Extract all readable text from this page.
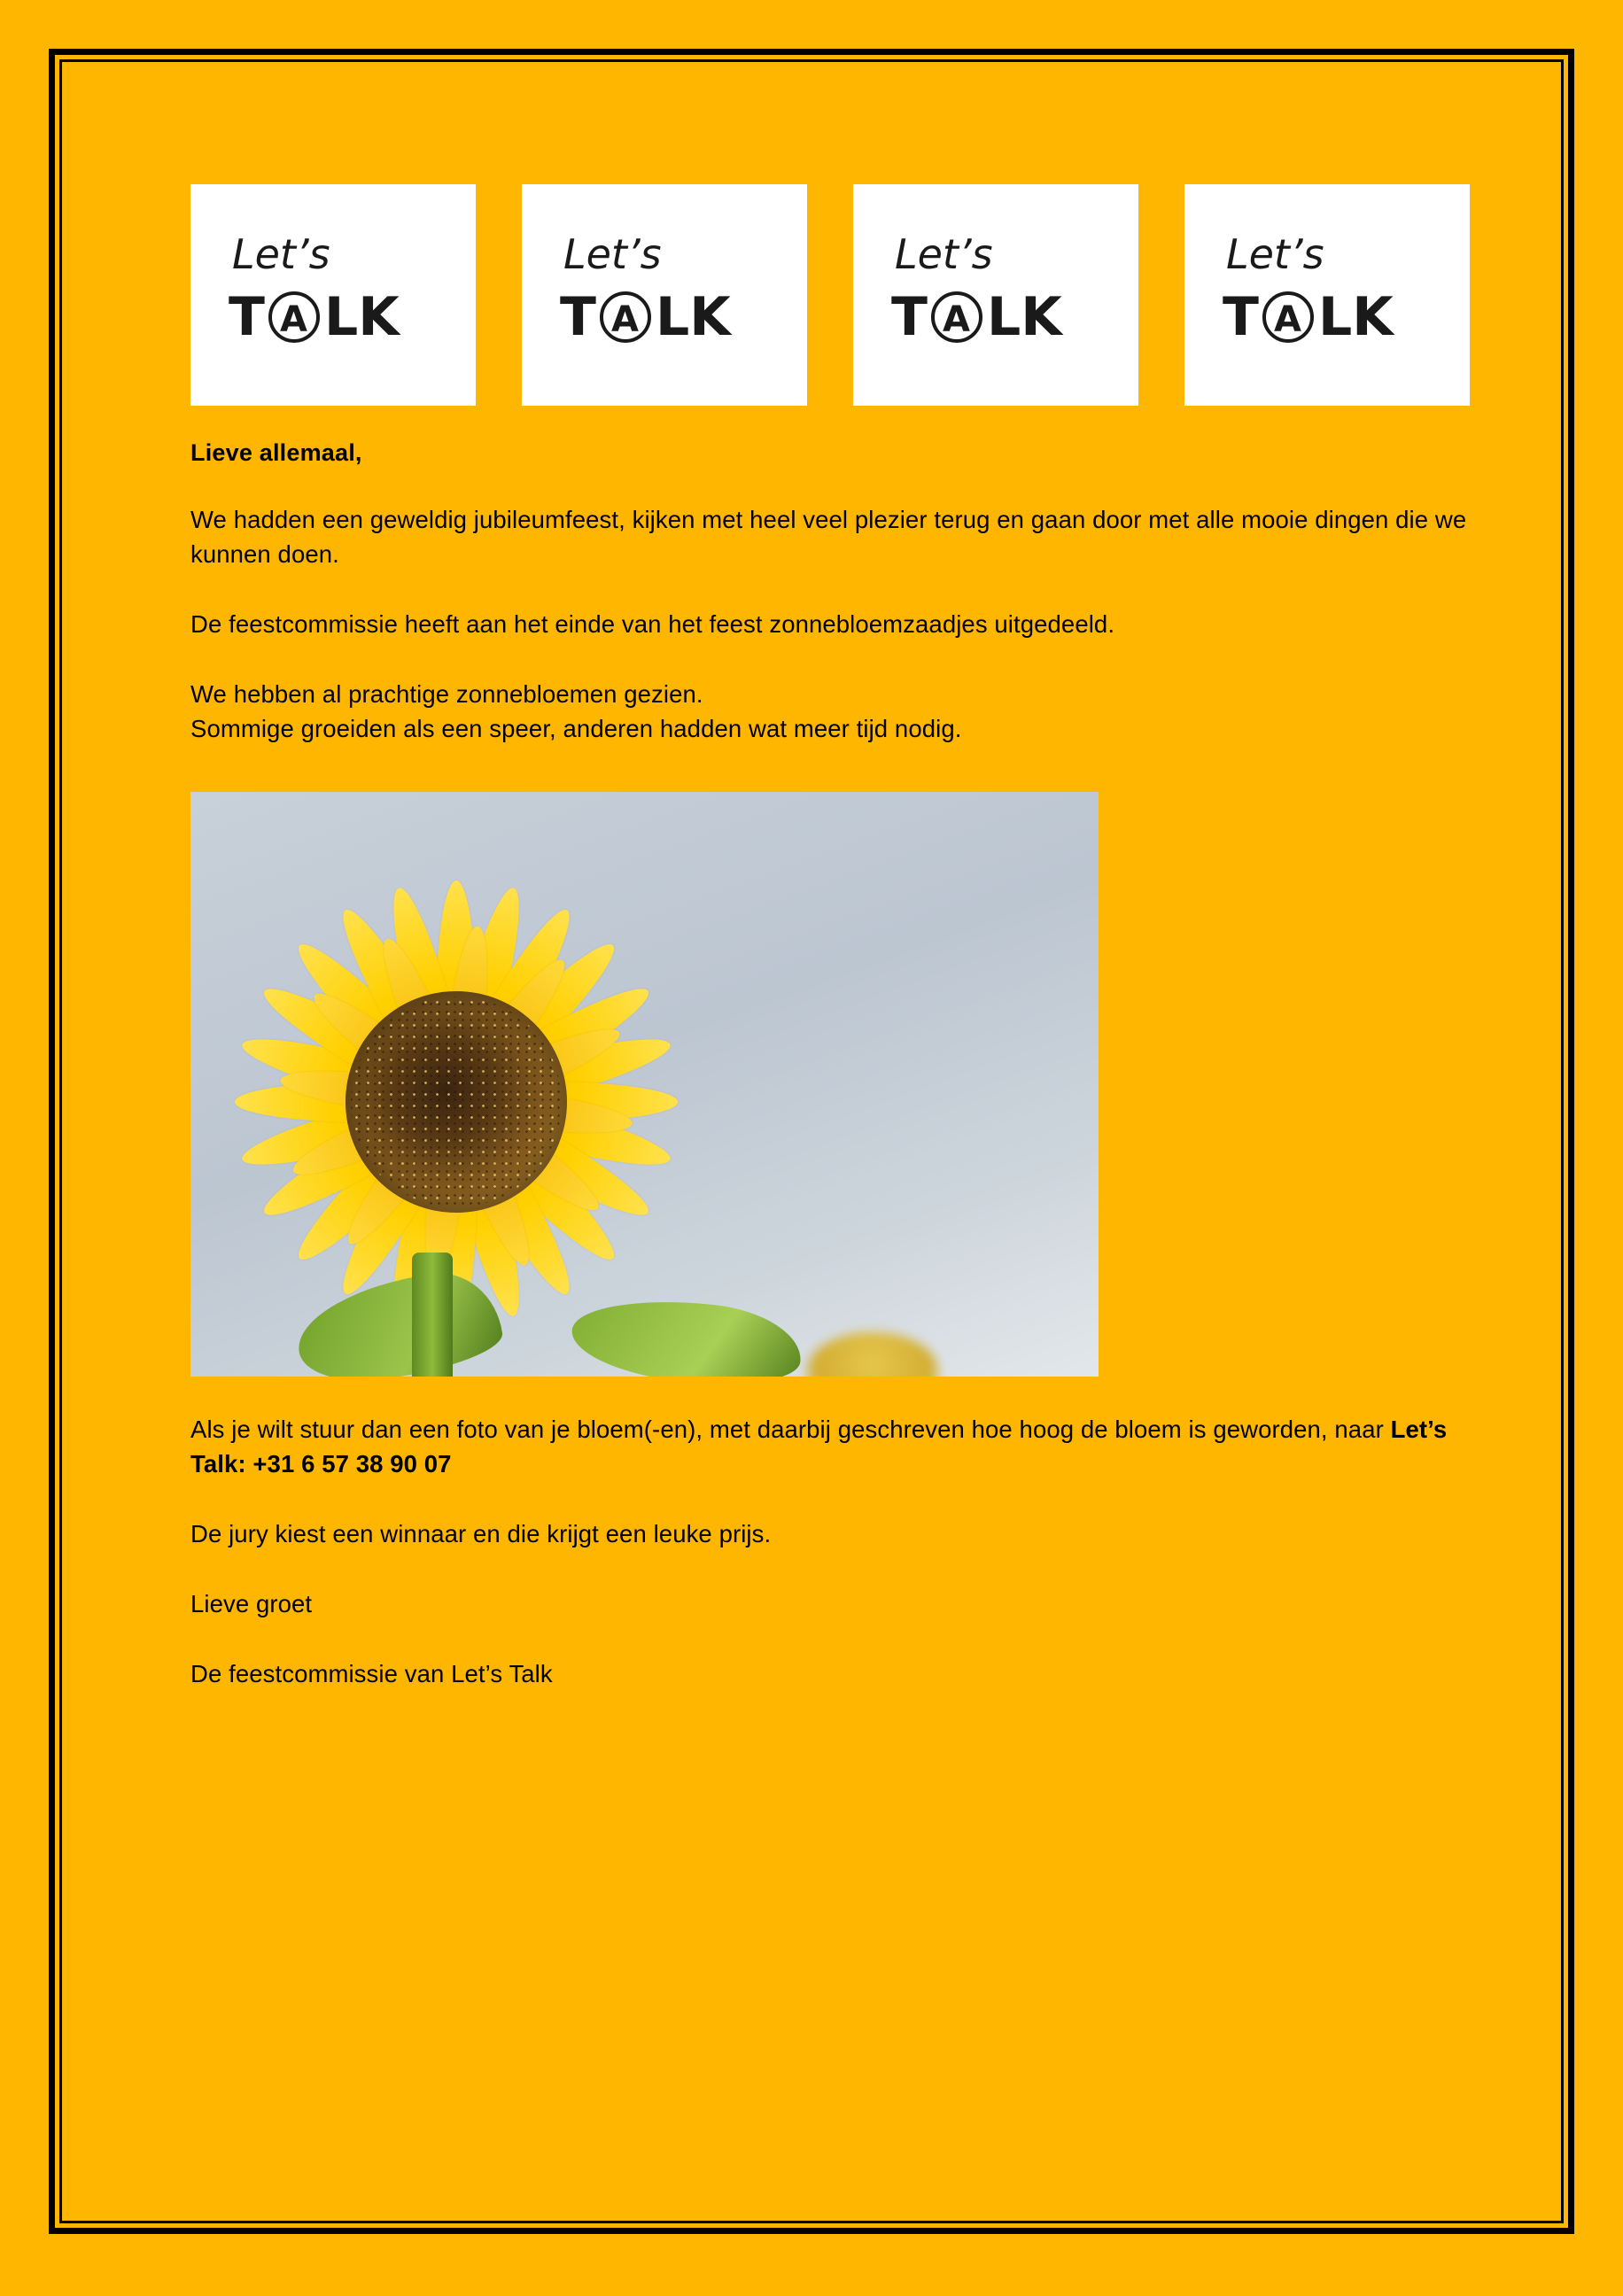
Let’s
T A LK
Let’s
T A LK
Let’s
T A LK
Let’s
T A LK

Lieve allemaal,

We hadden een geweldig jubileumfeest, kijken met heel veel plezier terug en gaan door met alle mooie dingen die we kunnen doen.

De feestcommissie heeft aan het einde van het feest zonnebloemzaadjes uitgedeeld.

We hebben al prachtige zonnebloemen gezien.
Sommige groeiden als een speer, anderen hadden wat meer tijd nodig.

Als je wilt stuur dan een foto van je bloem(-en), met daarbij geschreven hoe hoog de bloem is geworden, naar Let’s Talk: +31 6 57 38 90 07

De jury kiest een winnaar en die krijgt een leuke prijs.

Lieve groet

De feestcommissie van Let’s Talk
